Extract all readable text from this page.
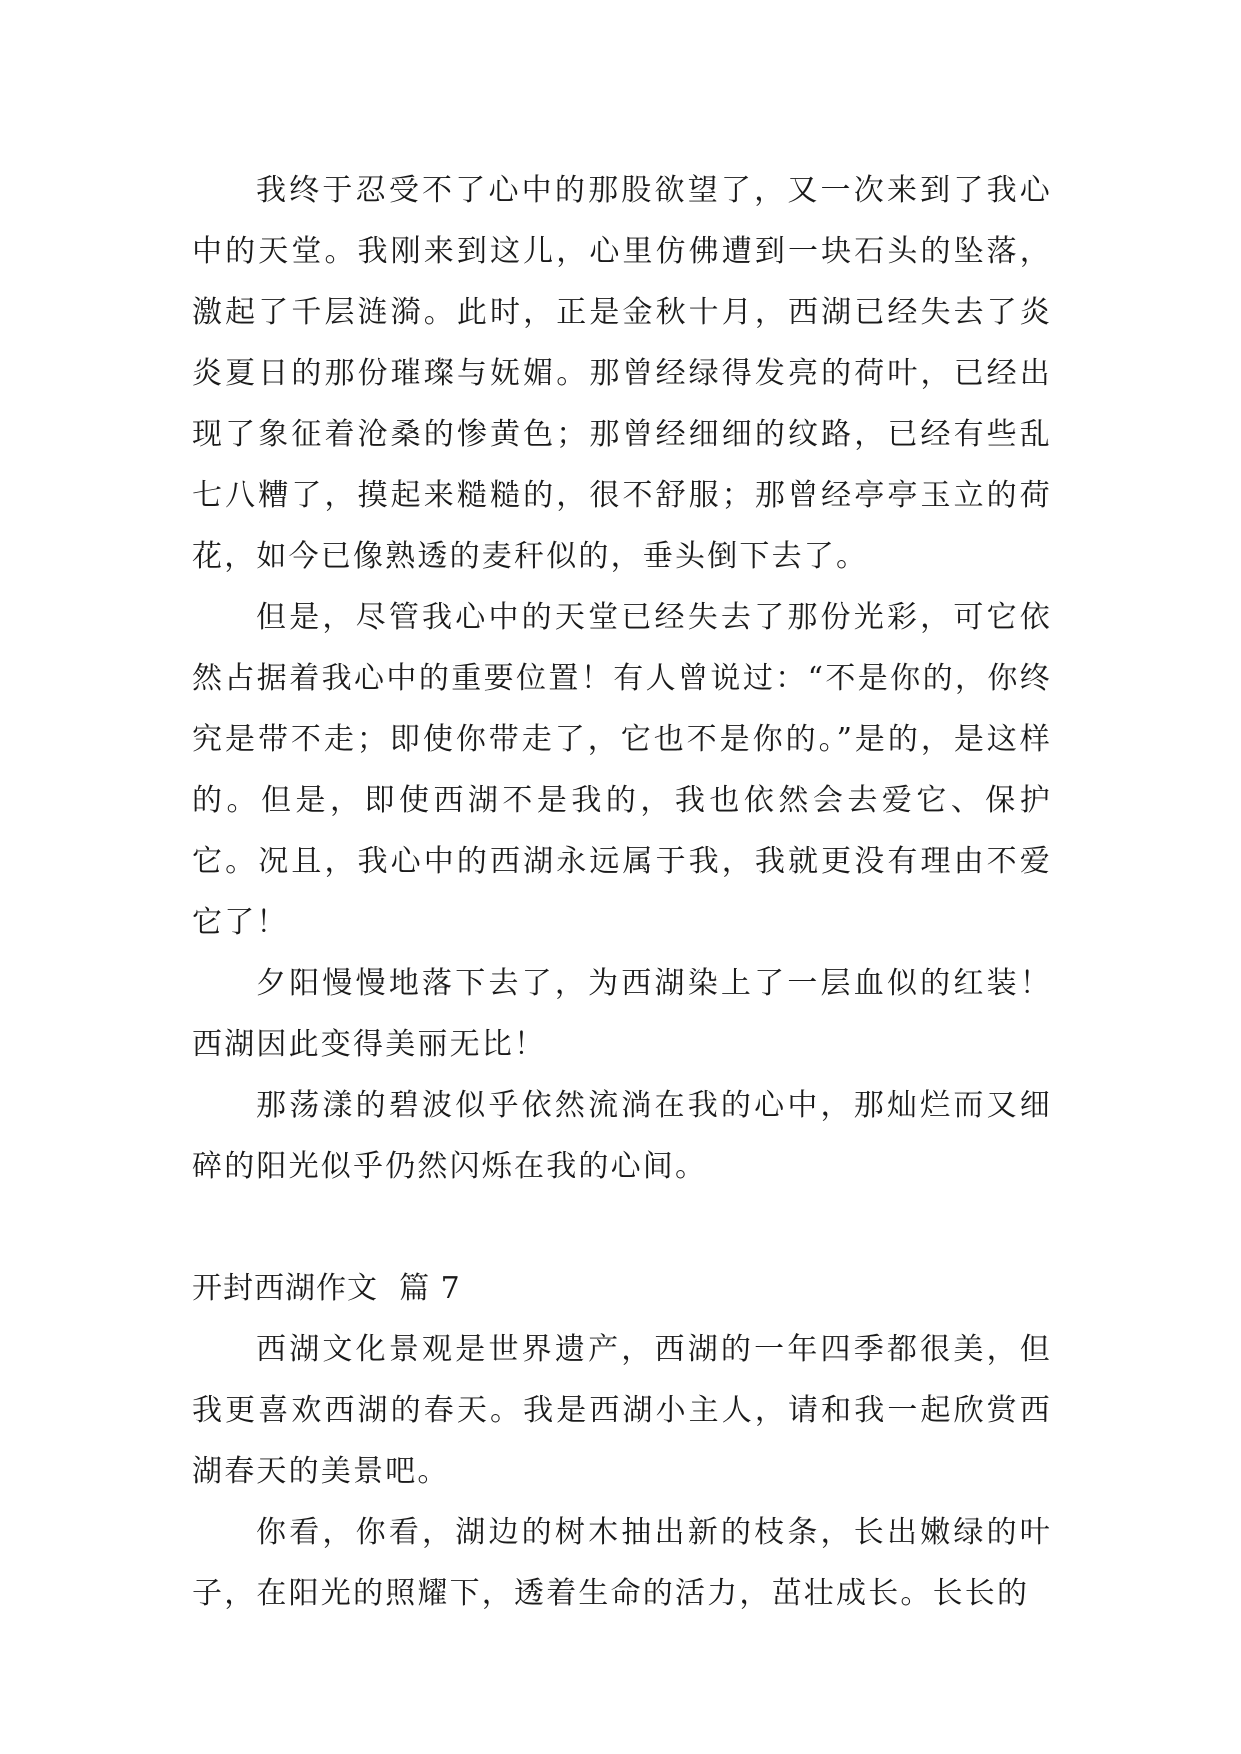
我终于忍受不了心中的那股欲望了，又一次来到了我心中的天堂。我刚来到这儿，心里仿佛遭到一块石头的坠落，激起了千层涟漪。此时，正是金秋十月，西湖已经失去了炎炎夏日的那份璀璨与妩媚。那曾经绿得发亮的荷叶，已经出现了象征着沧桑的惨黄色；那曾经细细的纹路，已经有些乱七八糟了，摸起来糙糙的，很不舒服；那曾经亭亭玉立的荷花，如今已像熟透的麦秆似的，垂头倒下去了。

但是，尽管我心中的天堂已经失去了那份光彩，可它依然占据着我心中的重要位置！有人曾说过：“不是你的，你终究是带不走；即使你带走了，它也不是你的。”是的，是这样的。但是，即使西湖不是我的，我也依然会去爱它、保护它。况且，我心中的西湖永远属于我，我就更没有理由不爱它了！

夕阳慢慢地落下去了，为西湖染上了一层血似的红装！西湖因此变得美丽无比！

那荡漾的碧波似乎依然流淌在我的心中，那灿烂而又细碎的阳光似乎仍然闪烁在我的心间。

开封西湖作文  篇 7

西湖文化景观是世界遗产，西湖的一年四季都很美，但我更喜欢西湖的春天。我是西湖小主人，请和我一起欣赏西湖春天的美景吧。

你看，你看，湖边的树木抽出新的枝条，长出嫩绿的叶子，在阳光的照耀下，透着生命的活力，茁壮成长。长长的
